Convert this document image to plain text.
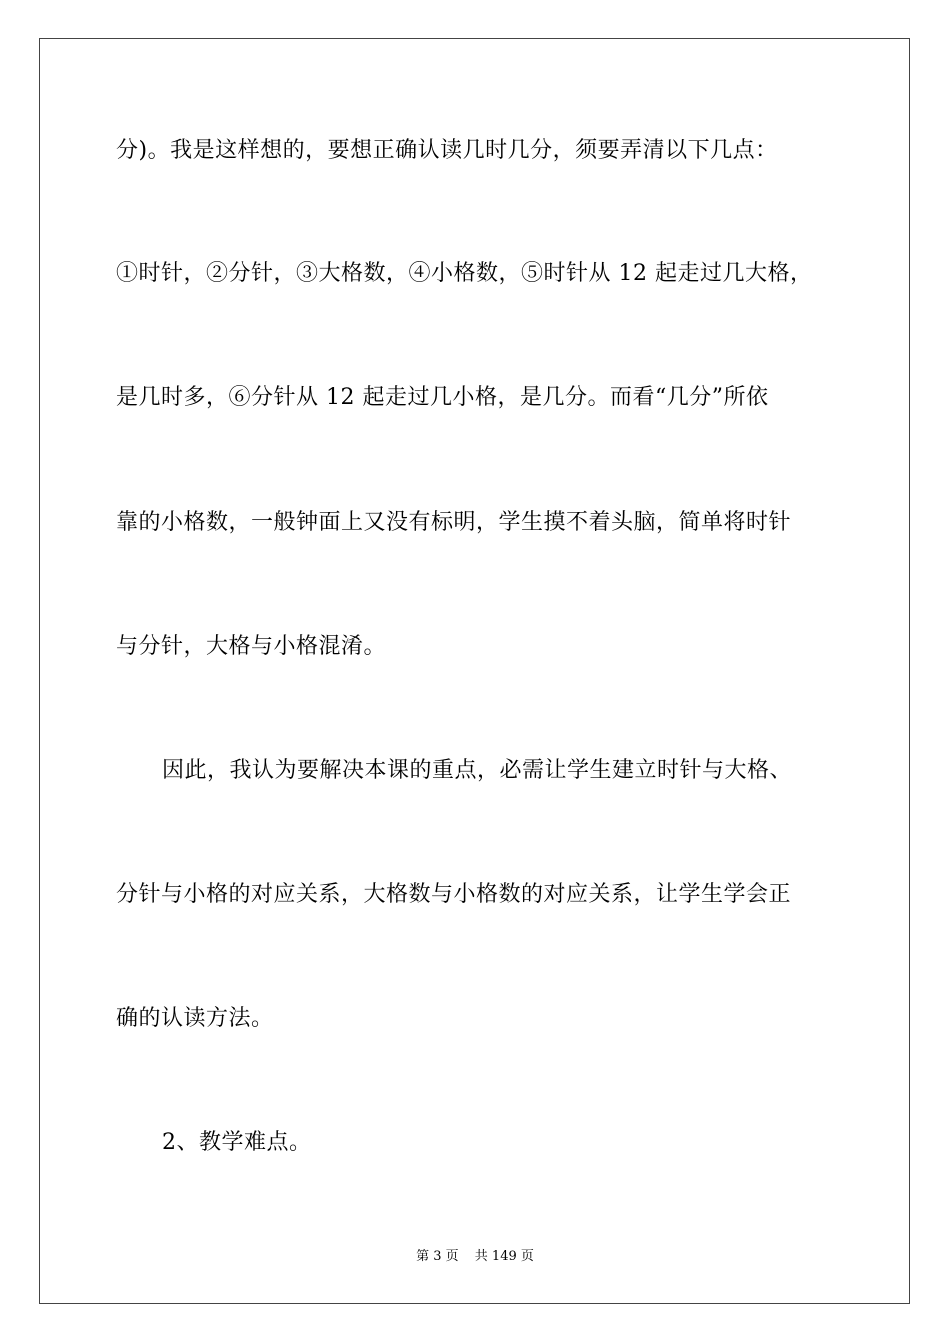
分)。我是这样想的，要想正确认读几时几分，须要弄清以下几点：
①时针，②分针，③大格数，④小格数，⑤时针从 12 起走过几大格，
是几时多，⑥分针从 12 起走过几小格，是几分。而看“几分”所依
靠的小格数，一般钟面上又没有标明，学生摸不着头脑，简单将时针
与分针，大格与小格混淆。
因此，我认为要解决本课的重点，必需让学生建立时针与大格、
分针与小格的对应关系，大格数与小格数的对应关系，让学生学会正
确的认读方法。
2、教学难点。
第 3 页 共 149 页
